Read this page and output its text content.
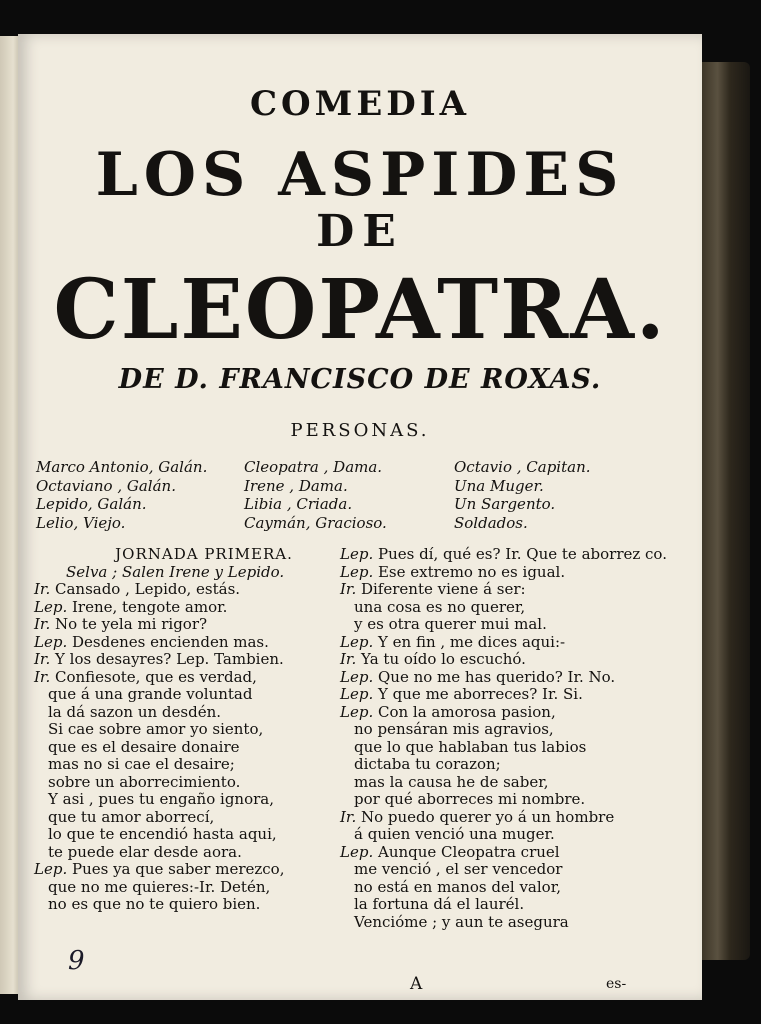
COMEDIA
LOS ASPIDES
DE
CLEOPATRA.
DE D. FRANCISCO DE ROXAS.
PERSONAS.
Marco Antonio, Galán.
Octaviano , Galán.
Lepido, Galán.
Lelio, Viejo.
Cleopatra , Dama.
Irene , Dama.
Libia , Criada.
Caymán, Gracioso.
Octavio , Capitan.
Una Muger.
Un Sargento.
Soldados.
JORNADA PRIMERA.
Selva ; Salen Irene y Lepido.
Ir. Cansado , Lepido, estás.
Lep. Irene, tengote amor.
Ir. No te yela mi rigor?
Lep. Desdenes encienden mas.
Ir. Y los desayres? Lep. Tambien.
Ir. Confiesote, que es verdad,
que á una grande voluntad
la dá sazon un desdén.
Si cae sobre amor yo siento,
que es el desaire donaire
mas no si cae el desaire;
sobre un aborrecimiento.
Y asi , pues tu engaño ignora,
que tu amor aborrecí,
lo que te encendió hasta aqui,
te puede elar desde aora.
Lep. Pues ya que saber merezco,
que no me quieres:-Ir. Detén,
no es que no te quiero bien.
Lep. Pues dí, qué es? Ir. Que te aborrez co.
Lep. Ese extremo no es igual.
Ir. Diferente viene á ser:
una cosa es no querer,
y es otra querer mui mal.
Lep. Y en fin , me dices aqui:-
Ir. Ya tu oído lo escuchó.
Lep. Que no me has querido? Ir. No.
Lep. Y que me aborreces? Ir. Si.
Lep. Con la amorosa pasion,
no pensáran mis agravios,
que lo que hablaban tus labios
dictaba tu corazon;
mas la causa he de saber,
por qué aborreces mi nombre.
Ir. No puedo querer yo á un hombre
á quien venció una muger.
Lep. Aunque Cleopatra cruel
me venció , el ser vencedor
no está en manos del valor,
la fortuna dá el laurél.
Vencióme ; y aun te asegura
9
A	es-
